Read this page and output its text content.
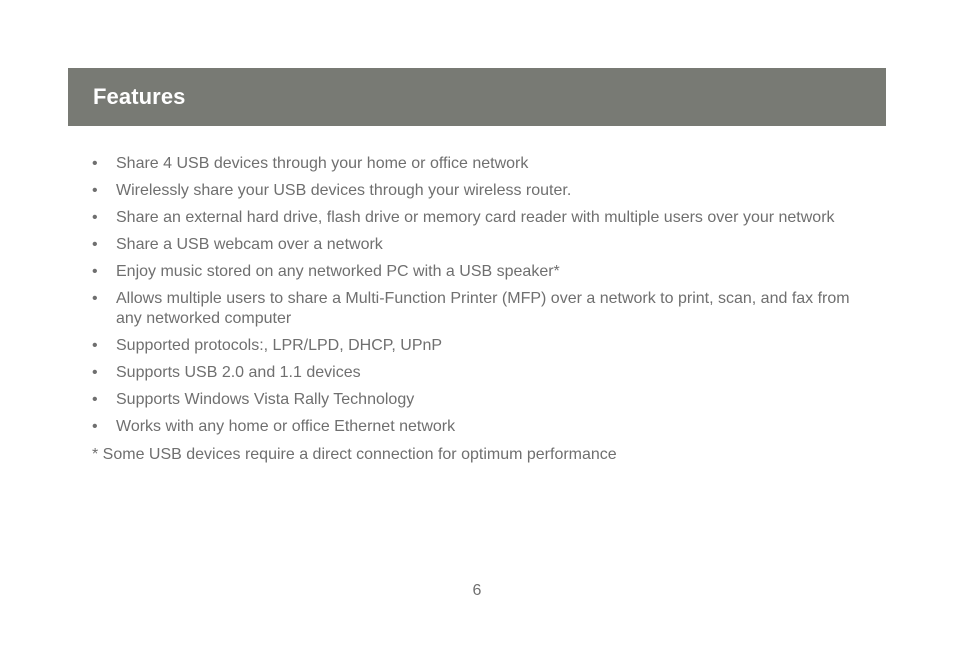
Features
• Share 4 USB devices through your home or office network
• Wirelessly share your USB devices through your wireless router.
• Share an external hard drive, flash drive or memory card reader with multiple users over your network
• Share a USB webcam over a network
• Enjoy music stored on any networked PC with a USB speaker*
• Allows multiple users to share a Multi-Function Printer (MFP) over a network to print, scan, and fax from any networked computer
• Supported protocols:, LPR/LPD, DHCP, UPnP
• Supports USB 2.0 and 1.1 devices
• Supports Windows Vista Rally Technology
• Works with any home or office Ethernet network

* Some USB devices require a direct connection for optimum performance

6
